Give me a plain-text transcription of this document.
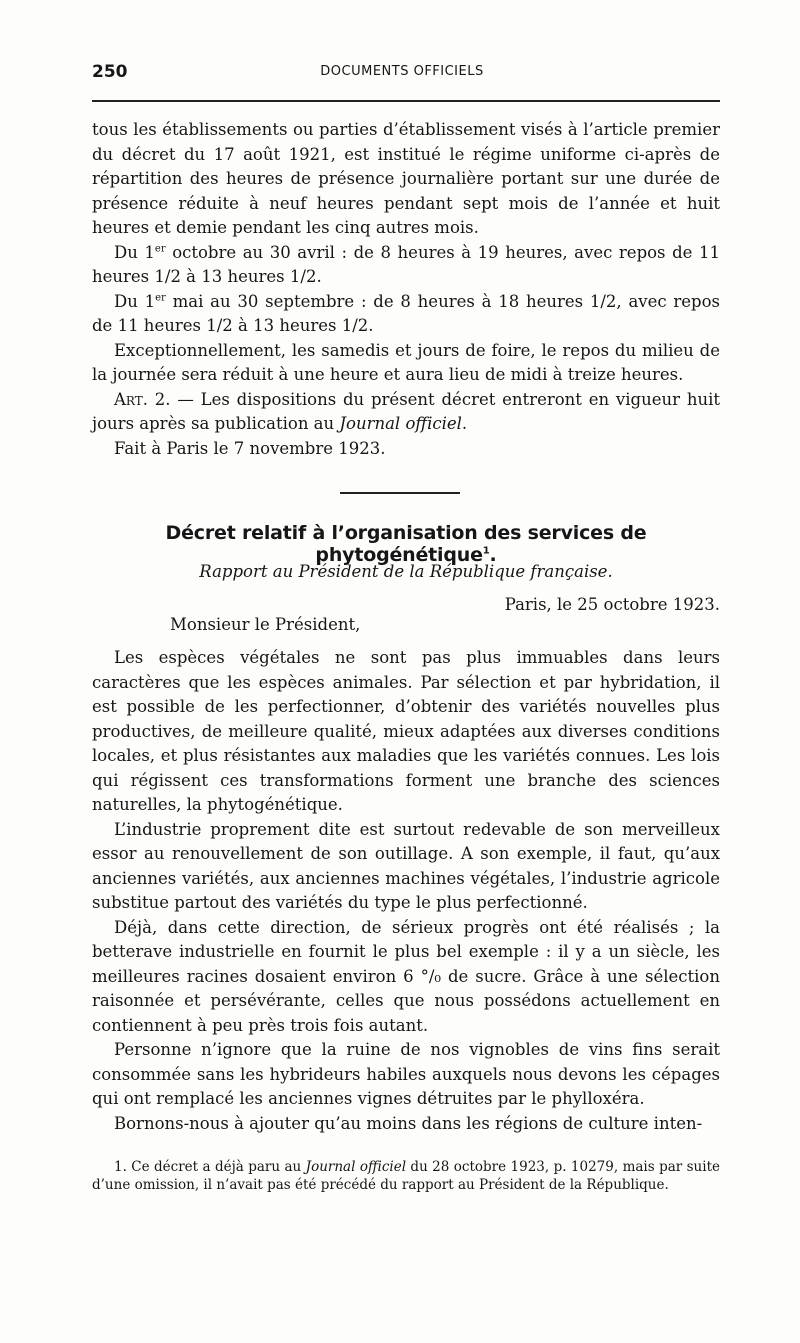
250	DOCUMENTS OFFICIELS

tous les établissements ou parties d’établissement visés à l’article premier du décret du 17 août 1921, est institué le régime uniforme ci-après de répartition des heures de présence journalière portant sur une durée de présence réduite à neuf heures pendant sept mois de l’année et huit heures et demie pendant les cinq autres mois.

Du 1er octobre au 30 avril : de 8 heures à 19 heures, avec repos de 11 heures 1/2 à 13 heures 1/2.

Du 1er mai au 30 septembre : de 8 heures à 18 heures 1/2, avec repos de 11 heures 1/2 à 13 heures 1/2.

Exceptionnellement, les samedis et jours de foire, le repos du milieu de la journée sera réduit à une heure et aura lieu de midi à treize heures.

Art. 2. — Les dispositions du présent décret entreront en vigueur huit jours après sa publication au Journal officiel.

Fait à Paris le 7 novembre 1923.

Décret relatif à l’organisation des services de phytogénétique$^1$.
Rapport au Président de la République française.
Paris, le 25 octobre 1923.
Monsieur le Président,

Les espèces végétales ne sont pas plus immuables dans leurs caractères que les espèces animales. Par sélection et par hybridation, il est possible de les perfectionner, d’obtenir des variétés nouvelles plus productives, de meilleure qualité, mieux adaptées aux diverses conditions locales, et plus résistantes aux maladies que les variétés connues. Les lois qui régissent ces transformations forment une branche des sciences naturelles, la phytogénétique.

L’industrie proprement dite est surtout redevable de son merveilleux essor au renouvellement de son outillage. A son exemple, il faut, qu’aux anciennes variétés, aux anciennes machines végétales, l’industrie agricole substitue partout des variétés du type le plus perfectionné.

Déjà, dans cette direction, de sérieux progrès ont été réalisés ; la betterave industrielle en fournit le plus bel exemple : il y a un siècle, les meilleures racines dosaient environ 6 °/₀ de sucre. Grâce à une sélection raisonnée et persévérante, celles que nous possédons actuellement en contiennent à peu près trois fois autant.

Personne n’ignore que la ruine de nos vignobles de vins fins serait consommée sans les hybrideurs habiles auxquels nous devons les cépages qui ont remplacé les anciennes vignes détruites par le phylloxéra.

Bornons-nous à ajouter qu’au moins dans les régions de culture inten-

1. Ce décret a déjà paru au Journal officiel du 28 octobre 1923, p. 10279, mais par suite d’une omission, il n’avait pas été précédé du rapport au Président de la République.
